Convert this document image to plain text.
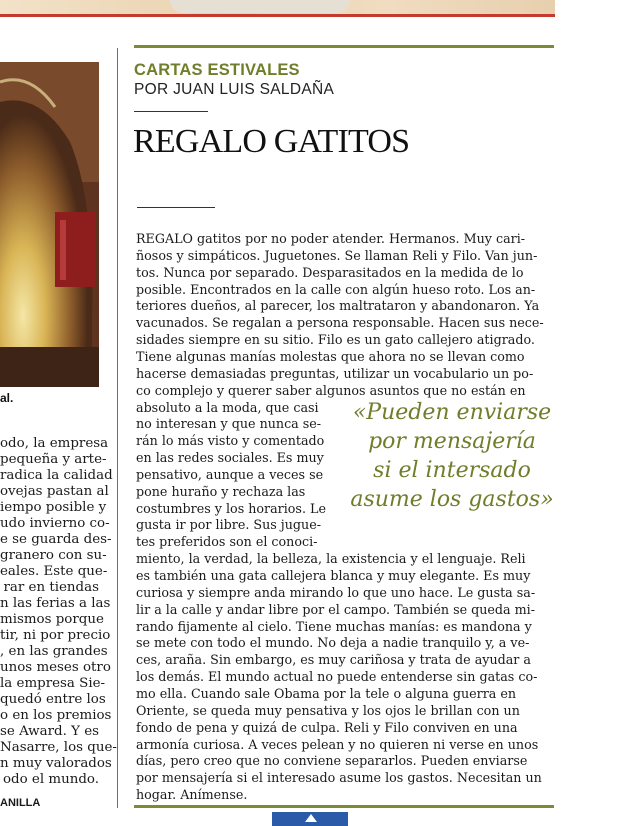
al.
odo, la empresa
pequeña y arte-
radica la calidad
ovejas pastan al
iempo posible y
udo invierno co-
e se guarda des-
granero con su-
eales. Este que-
rar en tiendas
n las ferias a las
mismos porque
tir, ni por precio
, en las grandes
unos meses otro
la empresa Sie-
quedó entre los
o en los premios
se Award. Y es
Nasarre, los que-
n muy valorados
odo el mundo.
ANILLA
CARTAS ESTIVALES
POR JUAN LUIS SALDAÑA
REGALO GATITOS
REGALO gatitos por no poder atender. Hermanos. Muy cari-
ñosos y simpáticos. Juguetones. Se llaman Reli y Filo. Van jun-
tos. Nunca por separado. Desparasitados en la medida de lo
posible. Encontrados en la calle con algún hueso roto. Los an-
teriores dueños, al parecer, los maltrataron y abandonaron. Ya
vacunados. Se regalan a persona responsable. Hacen sus nece-
sidades siempre en su sitio. Filo es un gato callejero atigrado.
Tiene algunas manías molestas que ahora no se llevan como
hacerse demasiadas preguntas, utilizar un vocabulario un po-
co complejo y querer saber algunos asuntos que no están en
absoluto a la moda, que casi
no interesan y que nunca se-
rán lo más visto y comentado
en las redes sociales. Es muy
pensativo, aunque a veces se
pone huraño y rechaza las
costumbres y los horarios. Le
gusta ir por libre. Sus jugue-
tes preferidos son el conoci-
miento, la verdad, la belleza, la existencia y el lenguaje. Reli
es también una gata callejera blanca y muy elegante. Es muy
curiosa y siempre anda mirando lo que uno hace. Le gusta sa-
lir a la calle y andar libre por el campo. También se queda mi-
rando fijamente al cielo. Tiene muchas manías: es mandona y
se mete con todo el mundo. No deja a nadie tranquilo y, a ve-
ces, araña. Sin embargo, es muy cariñosa y trata de ayudar a
los demás. El mundo actual no puede entenderse sin gatas co-
mo ella. Cuando sale Obama por la tele o alguna guerra en
Oriente, se queda muy pensativa y los ojos le brillan con un
fondo de pena y quizá de culpa. Reli y Filo conviven en una
armonía curiosa. A veces pelean y no quieren ni verse en unos
días, pero creo que no conviene separarlos. Pueden enviarse
por mensajería si el interesado asume los gastos. Necesitan un
hogar. Anímense.
«Pueden enviarse
por mensajería
si el intersado
asume los gastos»
